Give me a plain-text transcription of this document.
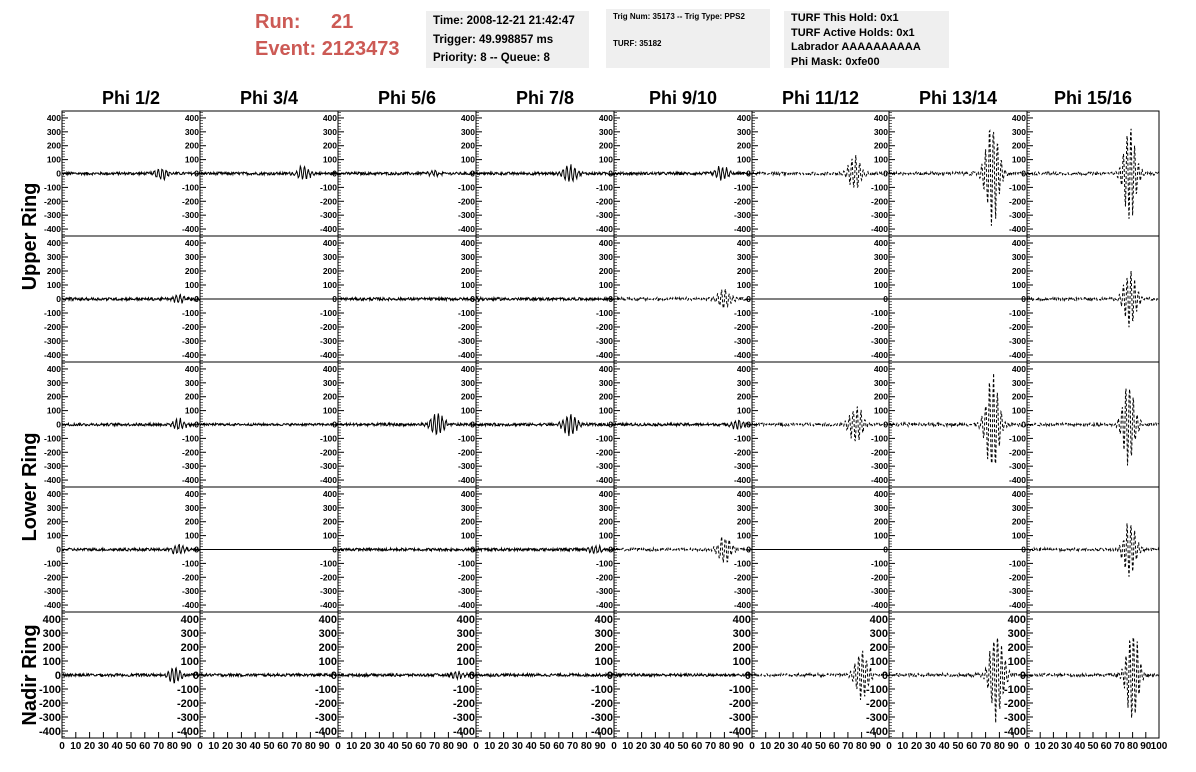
Run: 21
Event: 2123473
Time: 2008-12-21 21:42:47
Trigger: 49.998857 ms
Priority: 8 -- Queue: 8
Trig Num: 35173 -- Trig Type: PPS2
TURF: 35182
TURF This Hold: 0x1
TURF Active Holds: 0x1
Labrador AAAAAAAAAA
Phi Mask: 0xfe00
Phi 1/2	Phi 3/4	Phi 5/6	Phi 7/8	Phi 9/10	Phi 11/12	Phi 13/14	Phi 15/16
Upper Ring
Lower Ring
Nadir Ring
-400
-300
-200
-100
0
100
200
300
400
-400
-300
-200
-100
0
100
200
300
400
-400
-300
-200
-100
0
100
200
300
400
-400
-300
-200
-100
0
100
200
300
400
-400
-300
-200
-100
0
100
200
300
400
-400
-300
-200
-100
0
100
200
300
400
-400
-300
-200
-100
0
100
200
300
400
-400
-300
-200
-100
0
100
200
300
400
-400
-300
-200
-100
0
100
200
300
400
-400
-300
-200
-100
0
100
200
300
400
-400
-300
-200
-100
0
100
200
300
400
-400
-300
-200
-100
0
100
200
300
400
-400
-300
-200
-100
0
100
200
300
400
-400
-300
-200
-100
0
100
200
300
400
-400
-300
-200
-100
0
100
200
300
400
-400
-300
-200
-100
0
100
200
300
400
-400
-300
-200
-100
0
100
200
300
400
-400
-300
-200
-100
0
100
200
300
400
-400
-300
-200
-100
0
100
200
300
400
-400
-300
-200
-100
0
100
200
300
400
-400
-300
-200
-100
0
100
200
300
400
-400
-300
-200
-100
0
100
200
300
400
-400
-300
-200
-100
0
100
200
300
400
-400
-300
-200
-100
0
100
200
300
400
-400
-300
-200
-100
0
100
200
300
400
-400
-300
-200
-100
0
100
200
300
400
-400
-300
-200
-100
0
100
200
300
400
-400
-300
-200
-100
0
100
200
300
400
-400
-300
-200
-100
0
100
200
300
400
-400
-300
-200
-100
0
100
200
300
400
-400
-300
-200
-100
0
100
200
300
400
-400
-300
-200
-100
0
100
200
300
400
-400
-300
-200
-100
0
100
200
300
400
0 10 20 30 40 50 60 70 80 90
-400
-300
-200
-100
0
100
200
300
400
0 10 20 30 40 50 60 70 80 90
-400
-300
-200
-100
0
100
200
300
400
0 10 20 30 40 50 60 70 80 90
-400
-300
-200
-100
0
100
200
300
400
0 10 20 30 40 50 60 70 80 90
-400
-300
-200
-100
0
100
200
300
400
0 10 20 30 40 50 60 70 80 90
-400
-300
-200
-100
0
100
200
300
400
0 10 20 30 40 50 60 70 80 90
-400
-300
-200
-100
0
100
200
300
400
0 10 20 30 40 50 60 70 80 90
-400
-300
-200
-100
0
100
200
300
400
0 10 20 30 40 50 60 70 80 90 100
